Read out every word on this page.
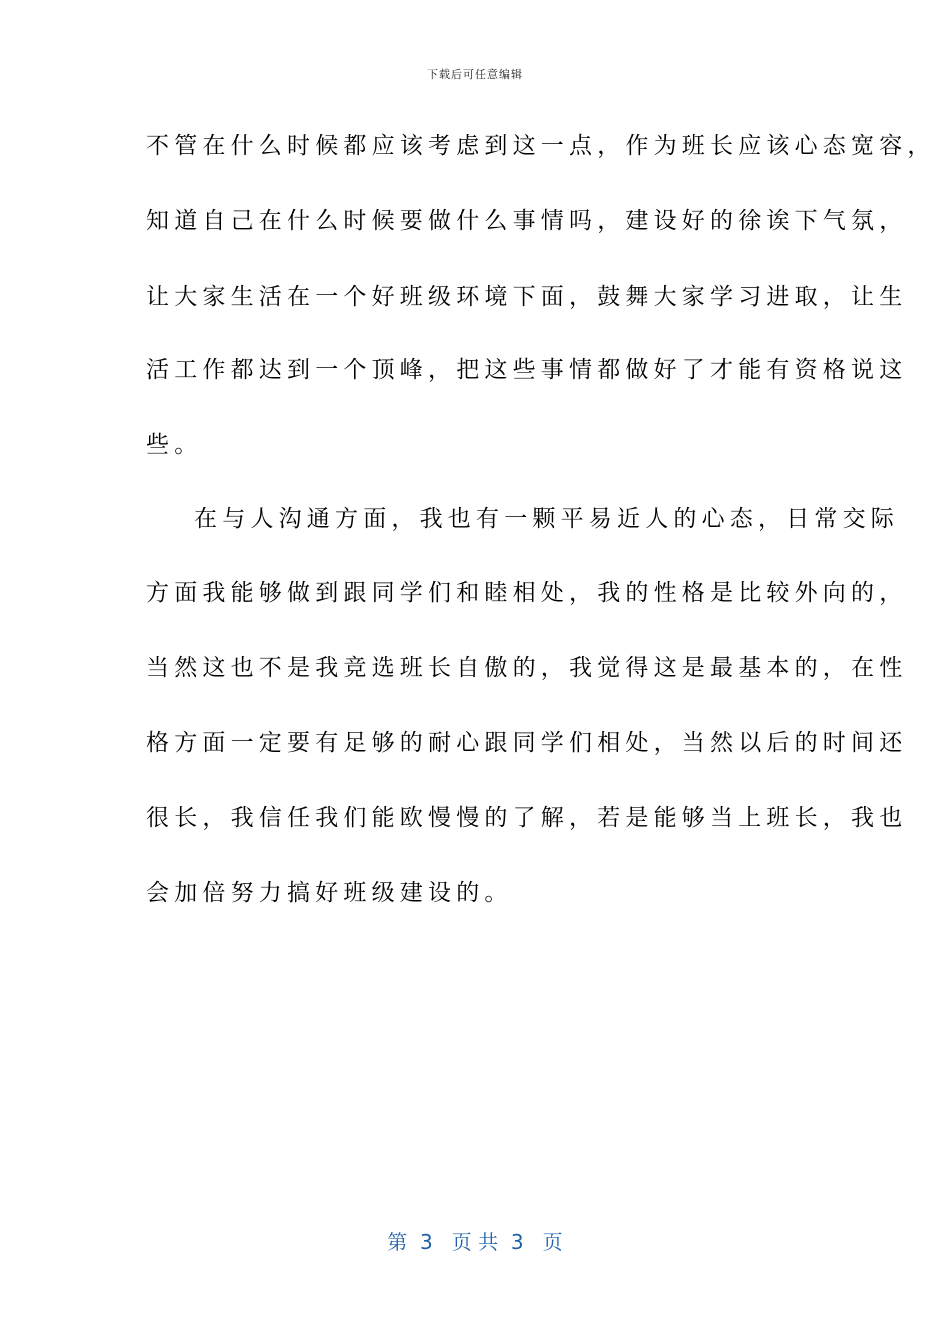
下载后可任意编辑
不管在什么时候都应该考虑到这一点，作为班长应该心态宽容，
知道自己在什么时候要做什么事情吗，建设好的徐诶下气氛，
让大家生活在一个好班级环境下面，鼓舞大家学习进取，让生
活工作都达到一个顶峰，把这些事情都做好了才能有资格说这
些。
在与人沟通方面，我也有一颗平易近人的心态，日常交际
方面我能够做到跟同学们和睦相处，我的性格是比较外向的，
当然这也不是我竞选班长自傲的，我觉得这是最基本的，在性
格方面一定要有足够的耐心跟同学们相处，当然以后的时间还
很长，我信任我们能欧慢慢的了解，若是能够当上班长，我也
会加倍努力搞好班级建设的。
第  3   页 共  3   页
